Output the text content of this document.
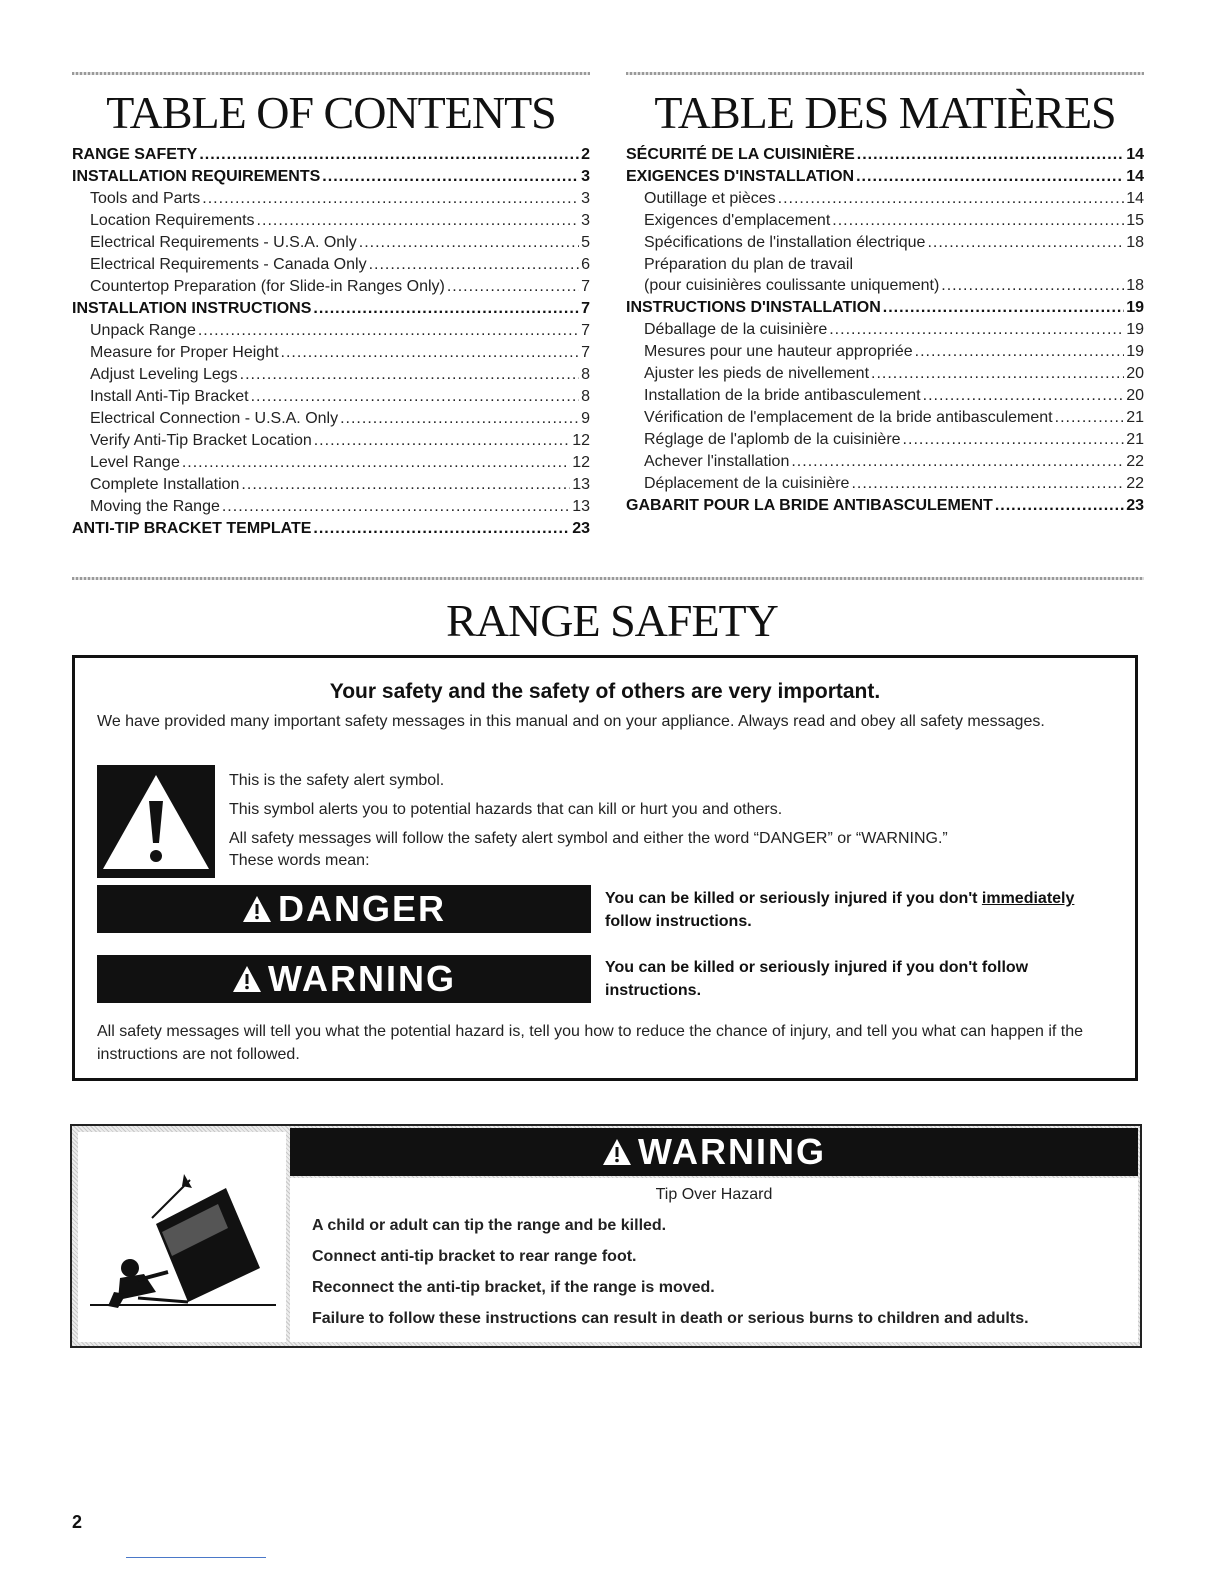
TABLE OF CONTENTS	TABLE DES MATIÈRES
RANGE SAFETY .....	2
INSTALLATION REQUIREMENTS .....	3
Tools and Parts .....	3
Location Requirements .....	3
Electrical Requirements - U.S.A. Only .....	5
Electrical Requirements - Canada Only .....	6
Countertop Preparation (for Slide-in Ranges Only) .....	7
INSTALLATION INSTRUCTIONS .....	7
Unpack Range .....	7
Measure for Proper Height .....	7
Adjust Leveling Legs .....	8
Install Anti-Tip Bracket .....	8
Electrical Connection - U.S.A. Only .....	9
Verify Anti-Tip Bracket Location .....	12
Level Range .....	12
Complete Installation .....	13
Moving the Range .....	13
ANTI-TIP BRACKET TEMPLATE .....	23
SÉCURITÉ DE LA CUISINIÈRE .....	14
EXIGENCES D'INSTALLATION .....	14
Outillage et pièces .....	14
Exigences d'emplacement .....	15
Spécifications de l'installation électrique .....	18
Préparation du plan de travail
(pour cuisinières coulissante uniquement) .....	18
INSTRUCTIONS D'INSTALLATION .....	19
Déballage de la cuisinière .....	19
Mesures pour une hauteur appropriée .....	19
Ajuster les pieds de nivellement .....	20
Installation de la bride antibasculement .....	20
Vérification de l'emplacement de la bride antibasculement .....	21
Réglage de l'aplomb de la cuisinière .....	21
Achever l'installation .....	22
Déplacement de la cuisinière .....	22
GABARIT POUR LA BRIDE ANTIBASCULEMENT .....	23
RANGE SAFETY

Your safety and the safety of others are very important.

We have provided many important safety messages in this manual and on your appliance. Always read and obey all safety messages.

This is the safety alert symbol.

This symbol alerts you to potential hazards that can kill or hurt you and others.

All safety messages will follow the safety alert symbol and either the word “DANGER” or “WARNING.”

These words mean:

DANGER	You can be killed or seriously injured if you don't immediately
follow instructions.

WARNING	You can be killed or seriously injured if you don't follow instructions.

All safety messages will tell you what the potential hazard is, tell you how to reduce the chance of injury, and tell you what can happen if the instructions are not followed.

WARNING

Tip Over Hazard

A child or adult can tip the range and be killed.

Connect anti-tip bracket to rear range foot.

Reconnect the anti-tip bracket, if the range is moved.

Failure to follow these instructions can result in death or serious burns to children and adults.

2
